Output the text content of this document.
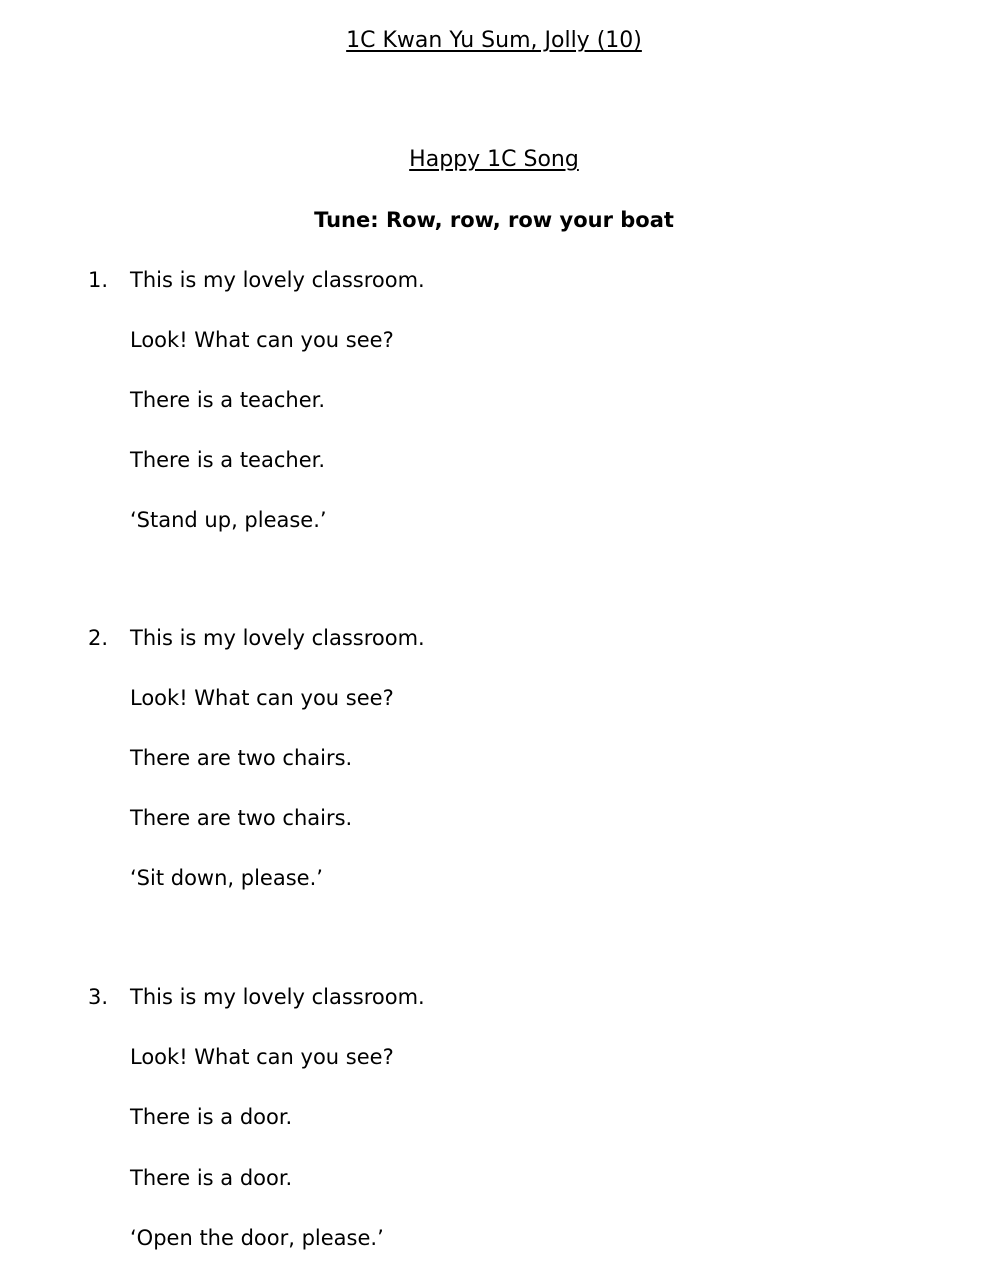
1C Kwan Yu Sum, Jolly (10)
Happy 1C Song
Tune: Row, row, row your boat
1. This is my lovely classroom.
Look! What can you see?
There is a teacher.
There is a teacher.
‘Stand up, please.’
2. This is my lovely classroom.
Look! What can you see?
There are two chairs.
There are two chairs.
‘Sit down, please.’
3. This is my lovely classroom.
Look! What can you see?
There is a door.
There is a door.
‘Open the door, please.’
